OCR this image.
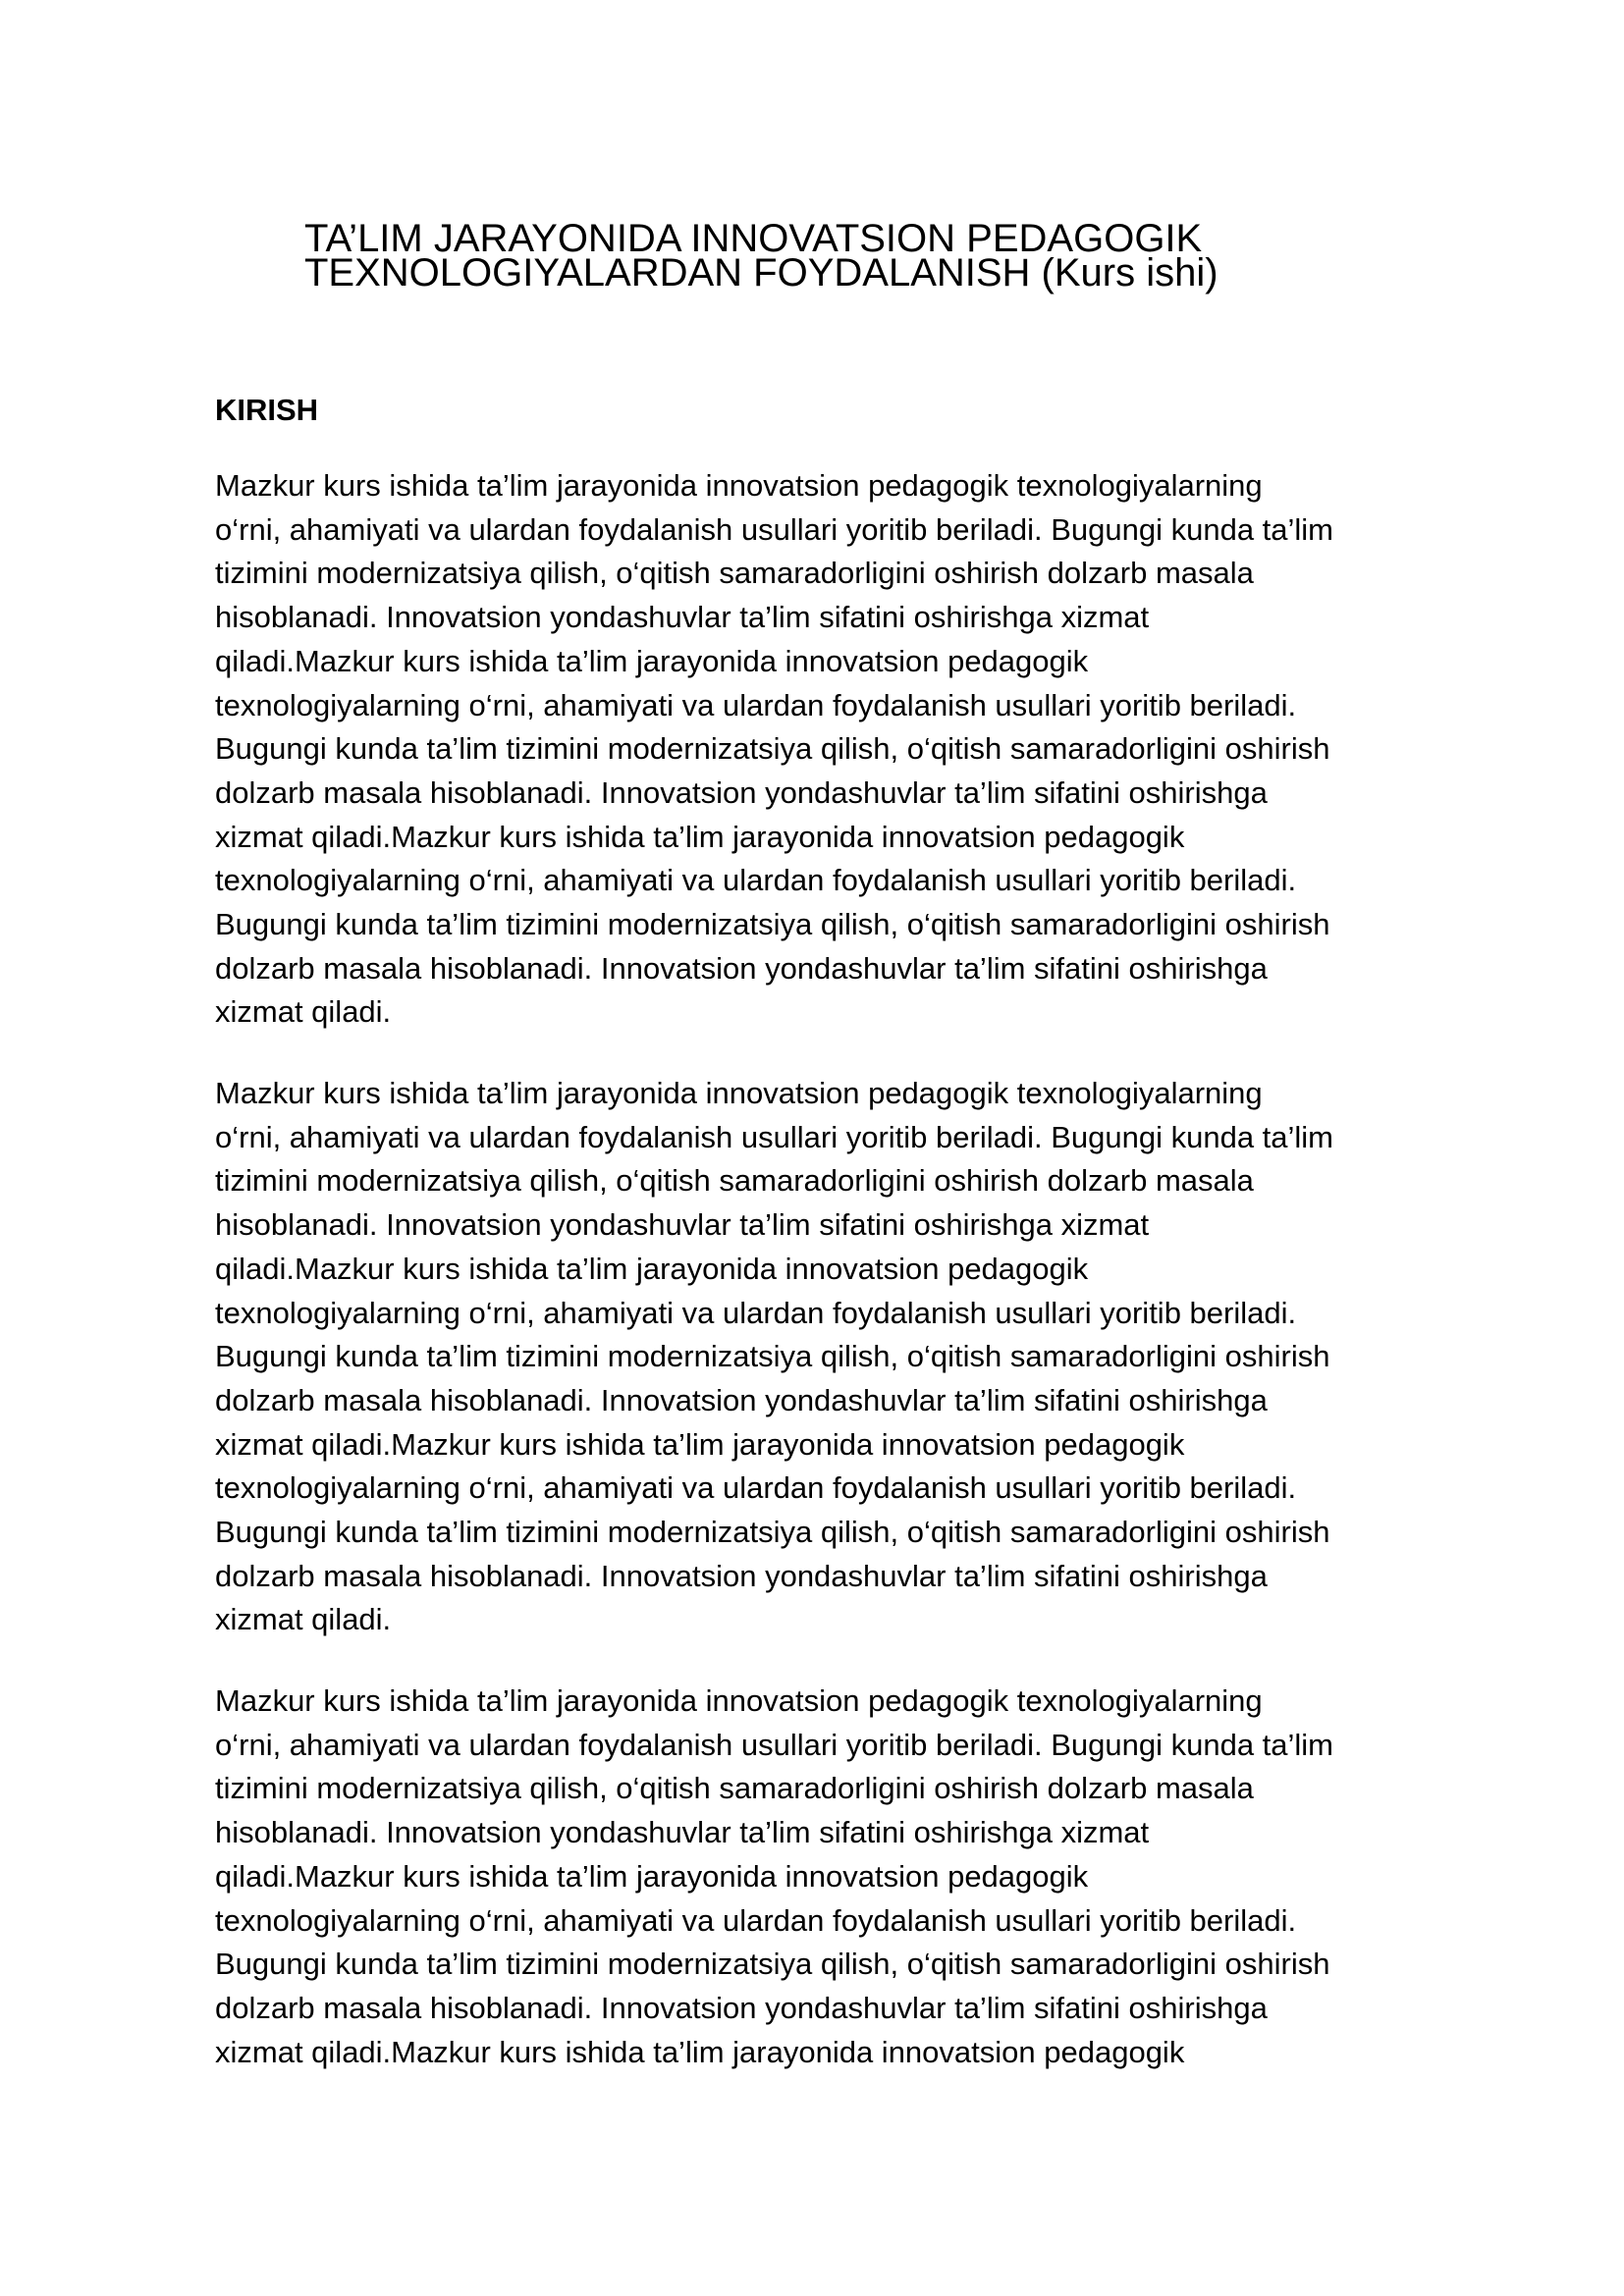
TA’LIM JARAYONIDA INNOVATSION PEDAGOGIK
TEXNOLOGIYALARDAN FOYDALANISH (Kurs ishi)
KIRISH

Mazkur kurs ishida ta’lim jarayonida innovatsion pedagogik texnologiyalarning
o‘rni, ahamiyati va ulardan foydalanish usullari yoritib beriladi. Bugungi kunda ta’lim
tizimini modernizatsiya qilish, o‘qitish samaradorligini oshirish dolzarb masala
hisoblanadi. Innovatsion yondashuvlar ta’lim sifatini oshirishga xizmat
qiladi.Mazkur kurs ishida ta’lim jarayonida innovatsion pedagogik
texnologiyalarning o‘rni, ahamiyati va ulardan foydalanish usullari yoritib beriladi.
Bugungi kunda ta’lim tizimini modernizatsiya qilish, o‘qitish samaradorligini oshirish
dolzarb masala hisoblanadi. Innovatsion yondashuvlar ta’lim sifatini oshirishga
xizmat qiladi.Mazkur kurs ishida ta’lim jarayonida innovatsion pedagogik
texnologiyalarning o‘rni, ahamiyati va ulardan foydalanish usullari yoritib beriladi.
Bugungi kunda ta’lim tizimini modernizatsiya qilish, o‘qitish samaradorligini oshirish
dolzarb masala hisoblanadi. Innovatsion yondashuvlar ta’lim sifatini oshirishga
xizmat qiladi.

Mazkur kurs ishida ta’lim jarayonida innovatsion pedagogik texnologiyalarning
o‘rni, ahamiyati va ulardan foydalanish usullari yoritib beriladi. Bugungi kunda ta’lim
tizimini modernizatsiya qilish, o‘qitish samaradorligini oshirish dolzarb masala
hisoblanadi. Innovatsion yondashuvlar ta’lim sifatini oshirishga xizmat
qiladi.Mazkur kurs ishida ta’lim jarayonida innovatsion pedagogik
texnologiyalarning o‘rni, ahamiyati va ulardan foydalanish usullari yoritib beriladi.
Bugungi kunda ta’lim tizimini modernizatsiya qilish, o‘qitish samaradorligini oshirish
dolzarb masala hisoblanadi. Innovatsion yondashuvlar ta’lim sifatini oshirishga
xizmat qiladi.Mazkur kurs ishida ta’lim jarayonida innovatsion pedagogik
texnologiyalarning o‘rni, ahamiyati va ulardan foydalanish usullari yoritib beriladi.
Bugungi kunda ta’lim tizimini modernizatsiya qilish, o‘qitish samaradorligini oshirish
dolzarb masala hisoblanadi. Innovatsion yondashuvlar ta’lim sifatini oshirishga
xizmat qiladi.

Mazkur kurs ishida ta’lim jarayonida innovatsion pedagogik texnologiyalarning
o‘rni, ahamiyati va ulardan foydalanish usullari yoritib beriladi. Bugungi kunda ta’lim
tizimini modernizatsiya qilish, o‘qitish samaradorligini oshirish dolzarb masala
hisoblanadi. Innovatsion yondashuvlar ta’lim sifatini oshirishga xizmat
qiladi.Mazkur kurs ishida ta’lim jarayonida innovatsion pedagogik
texnologiyalarning o‘rni, ahamiyati va ulardan foydalanish usullari yoritib beriladi.
Bugungi kunda ta’lim tizimini modernizatsiya qilish, o‘qitish samaradorligini oshirish
dolzarb masala hisoblanadi. Innovatsion yondashuvlar ta’lim sifatini oshirishga
xizmat qiladi.Mazkur kurs ishida ta’lim jarayonida innovatsion pedagogik
